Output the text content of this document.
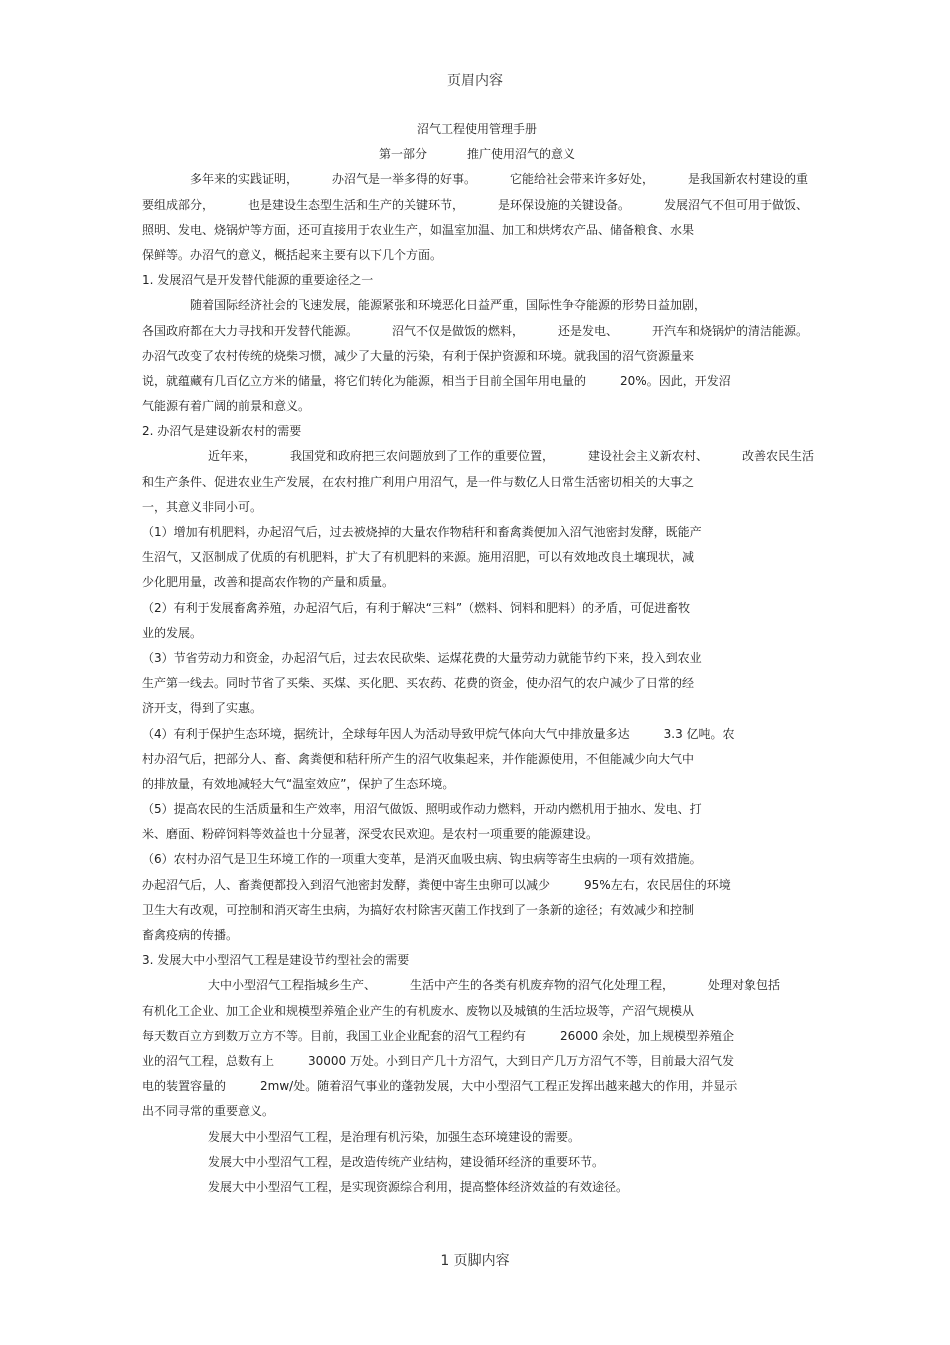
页眉内容
沼气工程使用管理手册
第一部分	推广使用沼气的意义
多年来的实践证明，	办沼气是一举多得的好事。	它能给社会带来许多好处，	是我国新农村建设的重
要组成部分，	也是建设生态型生活和生产的关键环节，	是环保设施的关键设备。	发展沼气不但可用于做饭、
照明、发电、烧锅炉等方面，还可直接用于农业生产，如温室加温、加工和烘烤农产品、储备粮食、水果
保鲜等。办沼气的意义，概括起来主要有以下几个方面。
1. 发展沼气是开发替代能源的重要途径之一
随着国际经济社会的飞速发展，能源紧张和环境恶化日益严重，国际性争夺能源的形势日益加剧，
各国政府都在大力寻找和开发替代能源。	沼气不仅是做饭的燃料，	还是发电、	开汽车和烧锅炉的清洁能源。
办沼气改变了农村传统的烧柴习惯，减少了大量的污染，有利于保护资源和环境。就我国的沼气资源量来
说，就蕴藏有几百亿立方米的储量，将它们转化为能源，相当于目前全国年用电量的	20%。因此，开发沼
气能源有着广阔的前景和意义。
2. 办沼气是建设新农村的需要
近年来，	我国党和政府把三农问题放到了工作的重要位置，	建设社会主义新农村、	改善农民生活
和生产条件、促进农业生产发展，在农村推广利用户用沼气，是一件与数亿人日常生活密切相关的大事之
一，其意义非同小可。
（1）增加有机肥料，办起沼气后，过去被烧掉的大量农作物秸秆和畜禽粪便加入沼气池密封发酵，既能产
生沼气，又沤制成了优质的有机肥料，扩大了有机肥料的来源。施用沼肥，可以有效地改良土壤现状，减
少化肥用量，改善和提高农作物的产量和质量。
（2）有利于发展畜禽养殖，办起沼气后，有利于解决“三料”（燃料、饲料和肥料）的矛盾，可促进畜牧
业的发展。
（3）节省劳动力和资金，办起沼气后，过去农民砍柴、运煤花费的大量劳动力就能节约下来，投入到农业
生产第一线去。同时节省了买柴、买煤、买化肥、买农药、花费的资金，使办沼气的农户减少了日常的经
济开支，得到了实惠。
（4）有利于保护生态环境，据统计，全球每年因人为活动导致甲烷气体向大气中排放量多达	3.3 亿吨。农
村办沼气后，把部分人、畜、禽粪便和秸秆所产生的沼气收集起来，并作能源使用，不但能减少向大气中
的排放量，有效地减轻大气“温室效应”，保护了生态环境。
（5）提高农民的生活质量和生产效率，用沼气做饭、照明或作动力燃料，开动内燃机用于抽水、发电、打
米、磨面、粉碎饲料等效益也十分显著，深受农民欢迎。是农村一项重要的能源建设。
（6）农村办沼气是卫生环境工作的一项重大变革，是消灭血吸虫病、钩虫病等寄生虫病的一项有效措施。
办起沼气后，人、畜粪便都投入到沼气池密封发酵，粪便中寄生虫卵可以减少	95%左右，农民居住的环境
卫生大有改观，可控制和消灭寄生虫病，为搞好农村除害灭菌工作找到了一条新的途径；有效减少和控制
畜禽疫病的传播。
3. 发展大中小型沼气工程是建设节约型社会的需要
大中小型沼气工程指城乡生产、	生活中产生的各类有机废弃物的沼气化处理工程，	处理对象包括
有机化工企业、加工企业和规模型养殖企业产生的有机废水、废物以及城镇的生活垃圾等，产沼气规模从
每天数百立方到数万立方不等。目前，我国工业企业配套的沼气工程约有	26000 余处，加上规模型养殖企
业的沼气工程，总数有上	30000 万处。小到日产几十方沼气，大到日产几万方沼气不等，目前最大沼气发
电的装置容量的	2mw/处。随着沼气事业的蓬勃发展，大中小型沼气工程正发挥出越来越大的作用，并显示
出不同寻常的重要意义。
发展大中小型沼气工程，是治理有机污染，加强生态环境建设的需要。
发展大中小型沼气工程，是改造传统产业结构，建设循环经济的重要环节。
发展大中小型沼气工程，是实现资源综合利用，提高整体经济效益的有效途径。
1 页脚内容
